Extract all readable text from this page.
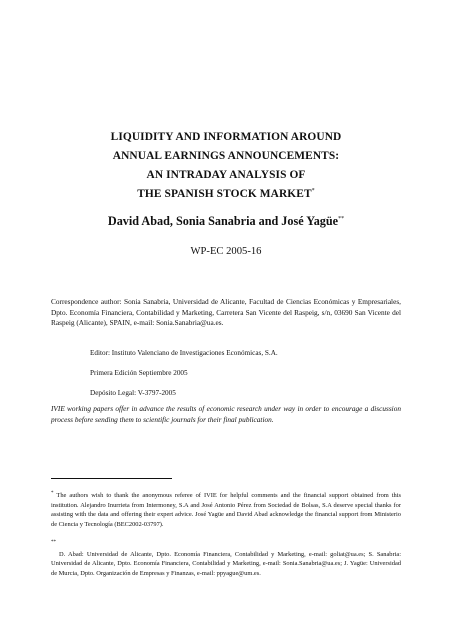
LIQUIDITY AND INFORMATION AROUND
ANNUAL EARNINGS ANNOUNCEMENTS:
AN INTRADAY ANALYSIS OF
THE SPANISH STOCK MARKET*
David Abad, Sonia Sanabria and José Yagüe**
WP-EC 2005-16
Correspondence author: Sonia Sanabria, Universidad de Alicante, Facultad de Ciencias Económicas y Empresariales, Dpto. Economía Financiera, Contabilidad y Marketing, Carretera San Vicente del Raspeig, s/n, 03690 San Vicente del Raspeig (Alicante), SPAIN, e-mail: Sonia.Sanabria@ua.es.
Editor: Instituto Valenciano de Investigaciones Económicas, S.A.
Primera Edición Septiembre 2005
Depósito Legal: V-3797-2005
IVIE working papers offer in advance the results of economic research under way in order to encourage a discussion process before sending them to scientific journals for their final publication.
* The authors wish to thank the anonymous referee of IVIE for helpful comments and the financial support obtained from this institution. Alejandro Inurrieta from Intermoney, S.A and José Antonio Pérez from Sociedad de Bolsas, S.A deserve special thanks for assisting with the data and offering their expert advice. José Yagüe and David Abad acknowledge the financial support from Ministerio de Ciencia y Tecnología (BEC2002-03797).
**
D. Abad: Universidad de Alicante, Dpto. Economía Financiera, Contabilidad y Marketing, e-mail: goliat@ua.es; S. Sanabria: Universidad de Alicante, Dpto. Economía Financiera, Contabilidad y Marketing, e-mail: Sonia.Sanabria@ua.es; J. Yagüe: Universidad de Murcia, Dpto. Organización de Empresas y Finanzas, e-mail: ppyague@um.es.
